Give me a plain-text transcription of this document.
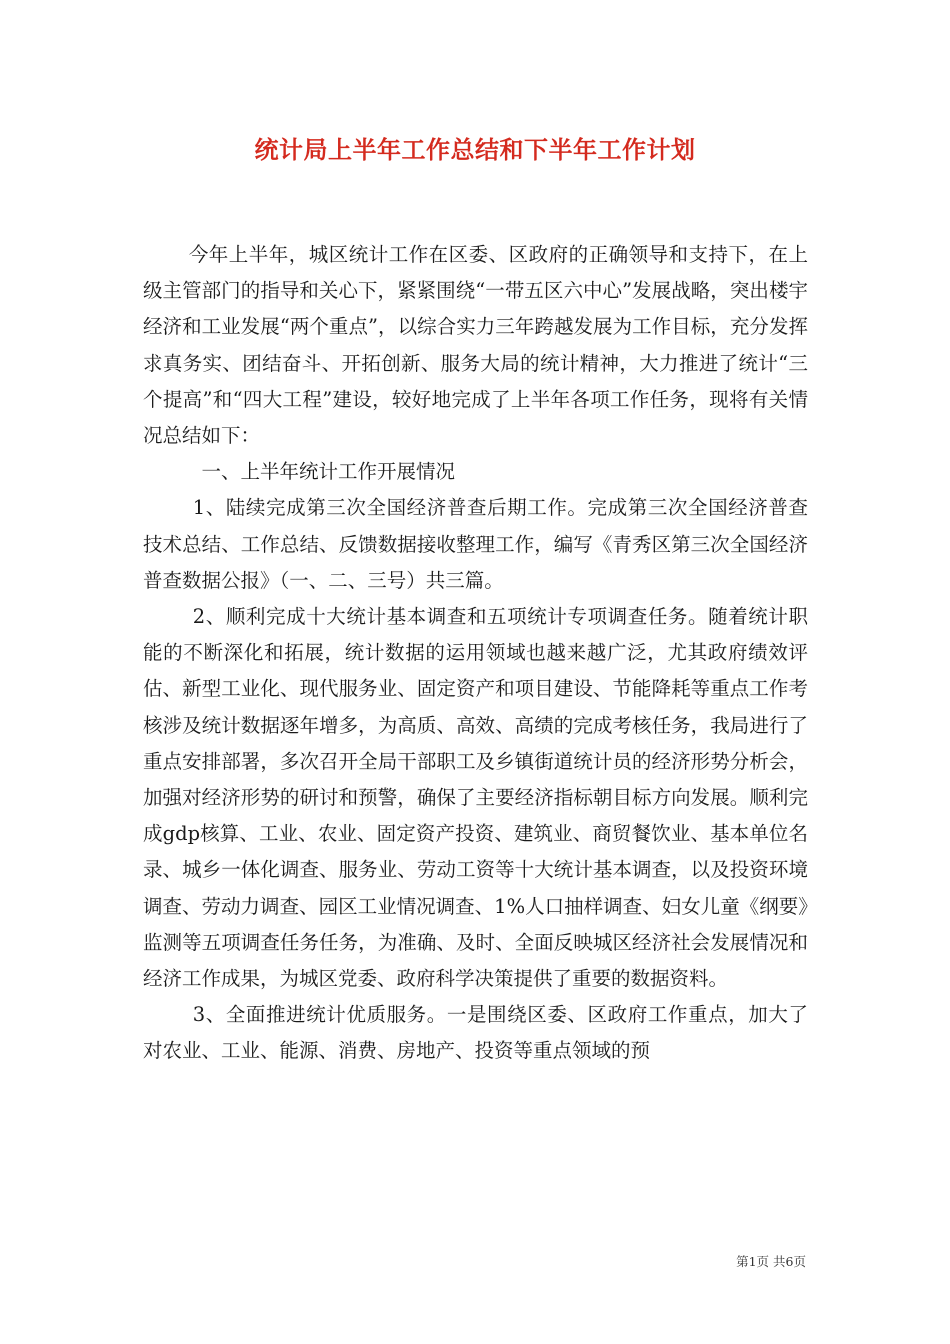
统计局上半年工作总结和下半年工作计划

今年上半年，城区统计工作在区委、区政府的正确领导和支持下，在上级主管部门的指导和关心下，紧紧围绕“一带五区六中心”发展战略，突出楼宇经济和工业发展“两个重点”，以综合实力三年跨越发展为工作目标，充分发挥求真务实、团结奋斗、开拓创新、服务大局的统计精神，大力推进了统计“三个提高”和“四大工程”建设，较好地完成了上半年各项工作任务，现将有关情况总结如下：

一、上半年统计工作开展情况

1、陆续完成第三次全国经济普查后期工作。完成第三次全国经济普查技术总结、工作总结、反馈数据接收整理工作，编写《青秀区第三次全国经济普查数据公报》（一、二、三号）共三篇。

2、顺利完成十大统计基本调查和五项统计专项调查任务。随着统计职能的不断深化和拓展，统计数据的运用领域也越来越广泛，尤其政府绩效评估、新型工业化、现代服务业、固定资产和项目建设、节能降耗等重点工作考核涉及统计数据逐年增多，为高质、高效、高绩的完成考核任务，我局进行了重点安排部署，多次召开全局干部职工及乡镇街道统计员的经济形势分析会，加强对经济形势的研讨和预警，确保了主要经济指标朝目标方向发展。顺利完成gdp核算、工业、农业、固定资产投资、建筑业、商贸餐饮业、基本单位名录、城乡一体化调查、服务业、劳动工资等十大统计基本调查，以及投资环境调查、劳动力调查、园区工业情况调查、1%人口抽样调查、妇女儿童《纲要》监测等五项调查任务任务，为准确、及时、全面反映城区经济社会发展情况和经济工作成果，为城区党委、政府科学决策提供了重要的数据资料。

3、全面推进统计优质服务。一是围绕区委、区政府工作重点，加大了对农业、工业、能源、消费、房地产、投资等重点领域的预

第1页 共6页
